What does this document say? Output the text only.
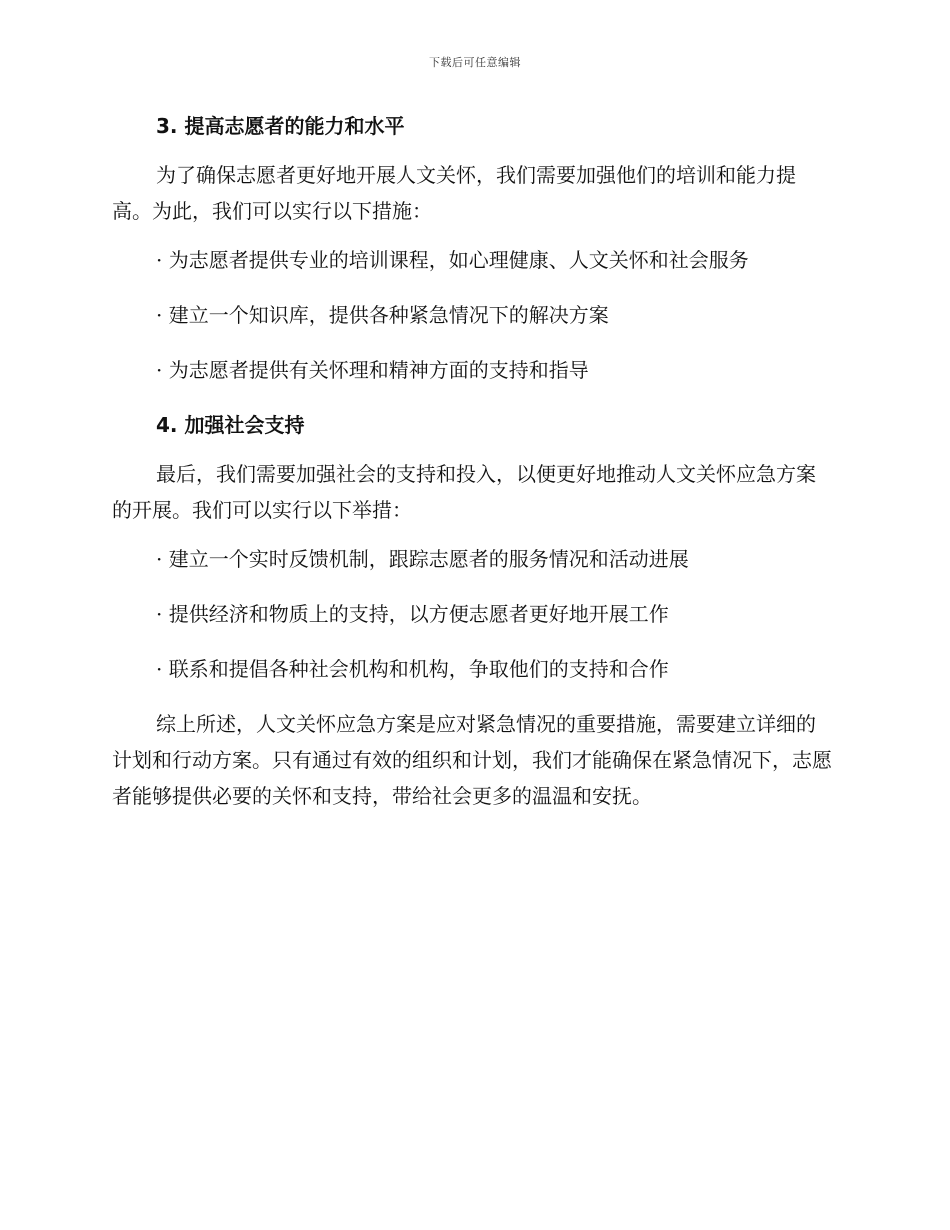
下载后可任意编辑
3. 提高志愿者的能力和水平

为了确保志愿者更好地开展人文关怀，我们需要加强他们的培训和能力提高。为此，我们可以实行以下措施：

· 为志愿者提供专业的培训课程，如心理健康、人文关怀和社会服务
· 建立一个知识库，提供各种紧急情况下的解决方案
· 为志愿者提供有关怀理和精神方面的支持和指导
4. 加强社会支持

最后，我们需要加强社会的支持和投入，以便更好地推动人文关怀应急方案的开展。我们可以实行以下举措：

· 建立一个实时反馈机制，跟踪志愿者的服务情况和活动进展
· 提供经济和物质上的支持，以方便志愿者更好地开展工作
· 联系和提倡各种社会机构和机构，争取他们的支持和合作

综上所述，人文关怀应急方案是应对紧急情况的重要措施，需要建立详细的计划和行动方案。只有通过有效的组织和计划，我们才能确保在紧急情况下，志愿者能够提供必要的关怀和支持，带给社会更多的温温和安抚。
